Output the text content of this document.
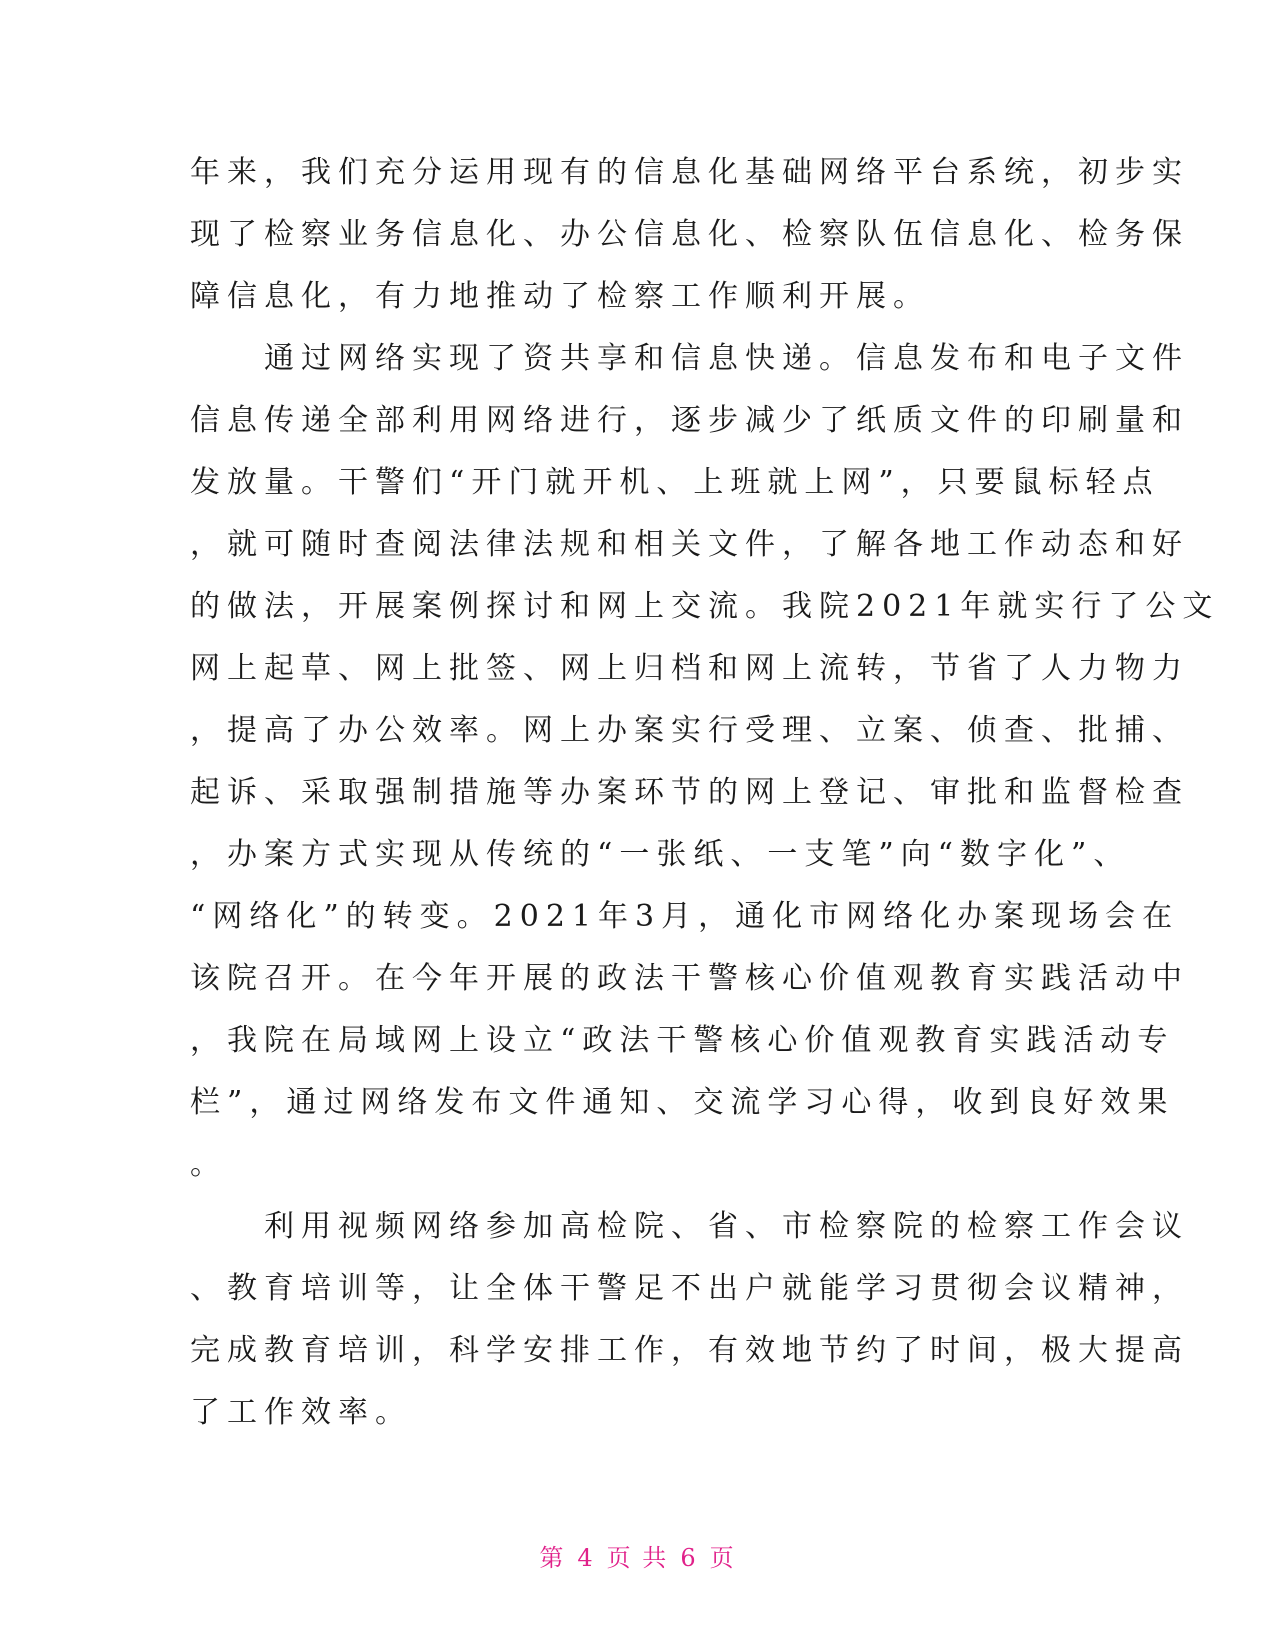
年来，我们充分运用现有的信息化基础网络平台系统，初步实
现了检察业务信息化、办公信息化、检察队伍信息化、检务保
障信息化，有力地推动了检察工作顺利开展。
　　通过网络实现了资共享和信息快递。信息发布和电子文件
信息传递全部利用网络进行，逐步减少了纸质文件的印刷量和
发放量。干警们“开门就开机、上班就上网”，只要鼠标轻点
，就可随时查阅法律法规和相关文件，了解各地工作动态和好
的做法，开展案例探讨和网上交流。我院2021年就实行了公文
网上起草、网上批签、网上归档和网上流转，节省了人力物力
，提高了办公效率。网上办案实行受理、立案、侦查、批捕、
起诉、采取强制措施等办案环节的网上登记、审批和监督检查
，办案方式实现从传统的“一张纸、一支笔”向“数字化”、
“网络化”的转变。2021年3月，通化市网络化办案现场会在
该院召开。在今年开展的政法干警核心价值观教育实践活动中
，我院在局域网上设立“政法干警核心价值观教育实践活动专
栏”，通过网络发布文件通知、交流学习心得，收到良好效果
。
　　利用视频网络参加高检院、省、市检察院的检察工作会议
、教育培训等，让全体干警足不出户就能学习贯彻会议精神，
完成教育培训，科学安排工作，有效地节约了时间，极大提高
了工作效率。
第 4 页 共 6 页
